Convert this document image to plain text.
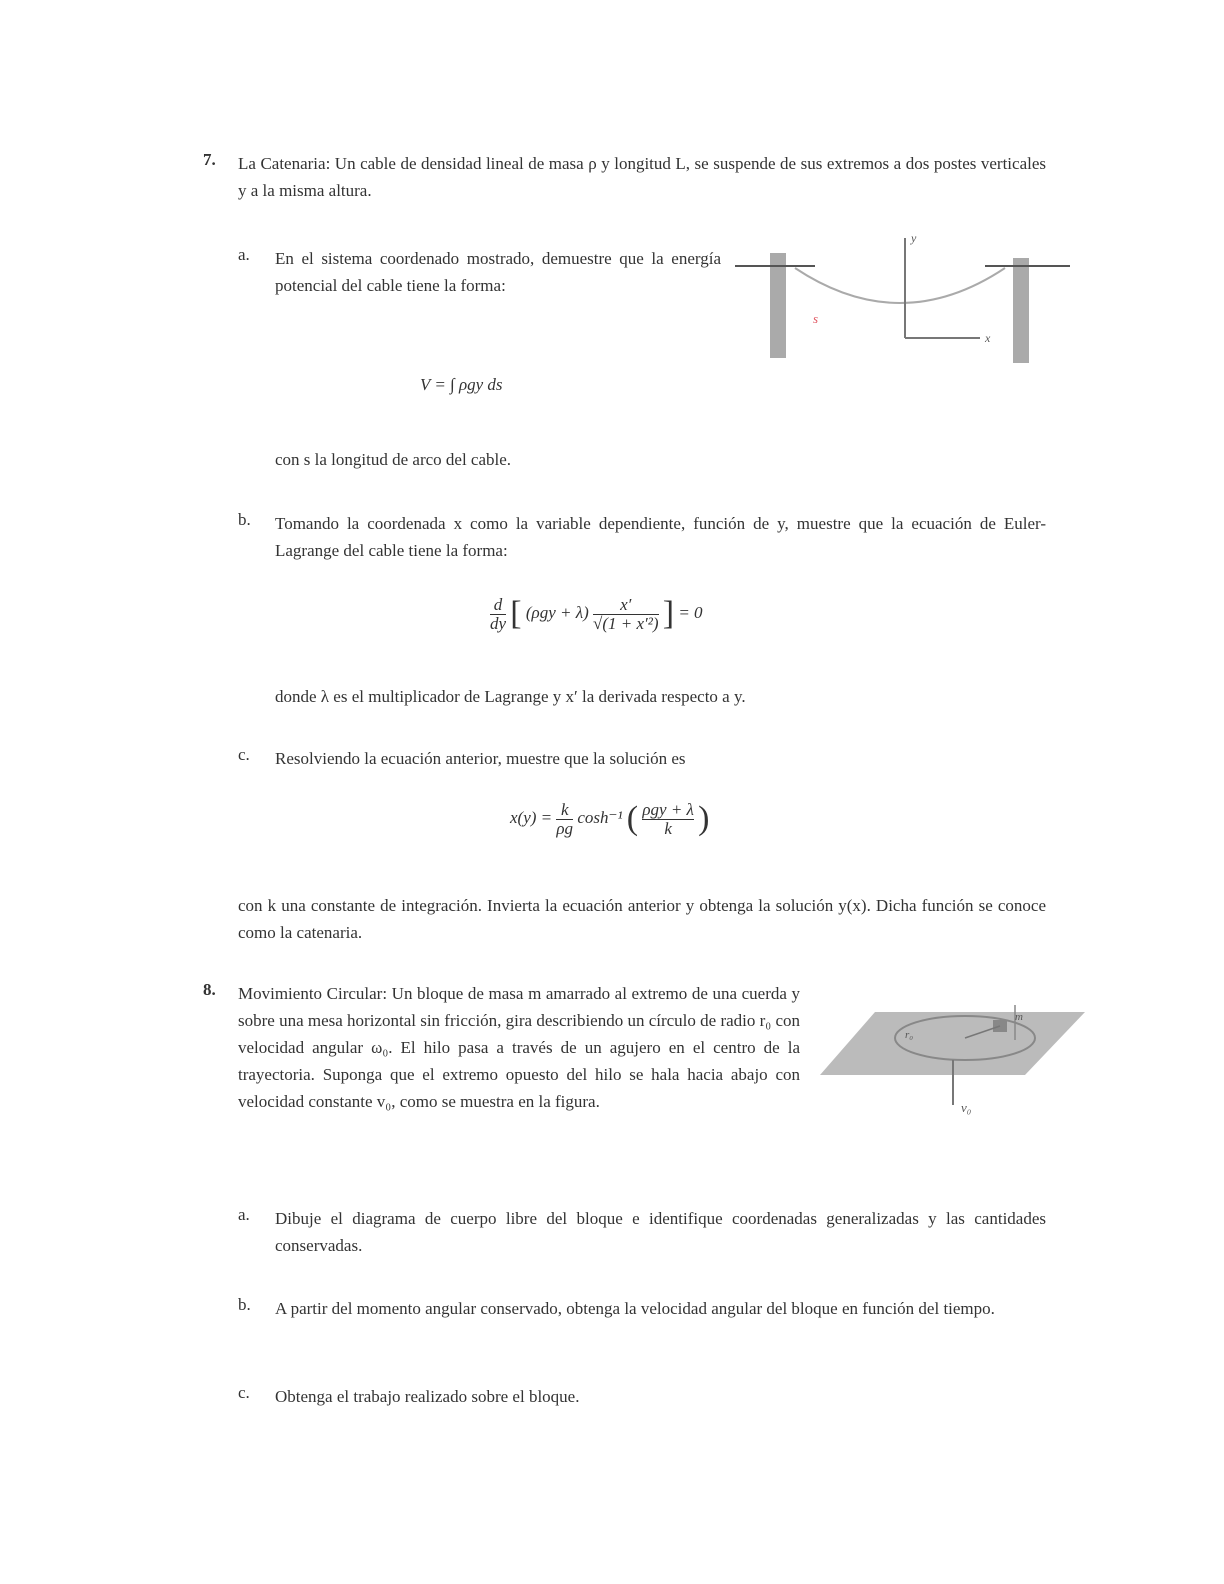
7. La Catenaria: Un cable de densidad lineal de masa ρ y longitud L, se suspende de sus extremos a dos postes verticales y a la misma altura.
a. En el sistema coordenado mostrado, demuestre que la energía potencial del cable tiene la forma:
V = ∫ ρgy ds
con s la longitud de arco del cable.
y
x
s
b. Tomando la coordenada x como la variable dependiente, función de y, muestre que la ecuación de Euler-Lagrange del cable tiene la forma:
$\frac{d}{dy}$ [ $(\rho gy + \lambda) \frac{x'}{\text{√(1 + x′²)}}$ ] = 0
donde λ es el multiplicador de Lagrange y x′ la derivada respecto a y.
c. Resolviendo la ecuación anterior, muestre que la solución es
$x(y) = \frac{k}{\rho g} \cosh^{-1}$ ( $\frac{\text{ρgy + λ}}{k}$ )
con k una constante de integración. Invierta la ecuación anterior y obtenga la solución y(x). Dicha función se conoce como la catenaria.
8. Movimiento Circular: Un bloque de masa m amarrado al extremo de una cuerda y sobre una mesa horizontal sin fricción, gira describiendo un círculo de radio r₀ con velocidad angular ω₀. El hilo pasa a través de un agujero en el centro de la trayectoria. Suponga que el extremo opuesto del hilo se hala hacia abajo con velocidad constante v₀, como se muestra en la figura.
r₀
m
v₀
a. Dibuje el diagrama de cuerpo libre del bloque e identifique coordenadas generalizadas y las cantidades conservadas.
b. A partir del momento angular conservado, obtenga la velocidad angular del bloque en función del tiempo.
c. Obtenga el trabajo realizado sobre el bloque.
